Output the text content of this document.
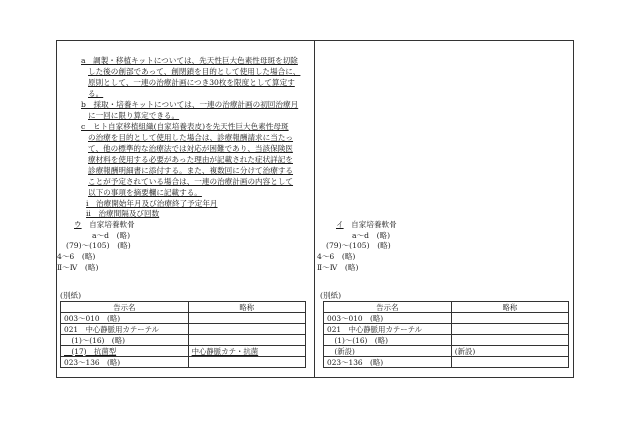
a　調製・移植キットについては、先天性巨大色素性母斑を切除
した後の創部であって、創閉鎖を目的として使用した場合に、
原則として、一連の治療計画につき30枚を限度として算定す
る。
b　採取・培養キットについては、一連の治療計画の初回治療月
に一回に限り算定できる。
c　ヒト自家移植組織(自家培養表皮)を先天性巨大色素性母斑
の治療を目的として使用した場合は、診療報酬請求に当たっ
て、他の標準的な治療法では対応が困難であり、当該保険医
療材料を使用する必要があった理由が記載された症状詳記を
診療報酬明細書に添付する。また、複数回に分けて治療する
ことが予定されている場合は、一連の治療計画の内容として
以下の事項を摘要欄に記載する。
i　治療開始年月及び治療終了予定年月
ii　治療間隔及び回数
ウ　自家培養軟骨
a～d　(略)
(79)～(105)　(略)
4～6　(略)
Ⅱ～Ⅳ　(略)
(別紙)
告示名	略称
003～010　(略)	
021　中心静脈用カテーテル	
　(1)～(16)　(略)	
　(17)　抗菌型	中心静脈カテ・抗菌
023～136　(略)	
イ　自家培養軟骨
a～d　(略)
(79)～(105)　(略)
4～6　(略)
Ⅱ～Ⅳ　(略)
(別紙)
告示名	略称
003～010　(略)	
021　中心静脈用カテーテル	
　(1)～(16)　(略)	
　(新設)	(新設)
023～136　(略)	
